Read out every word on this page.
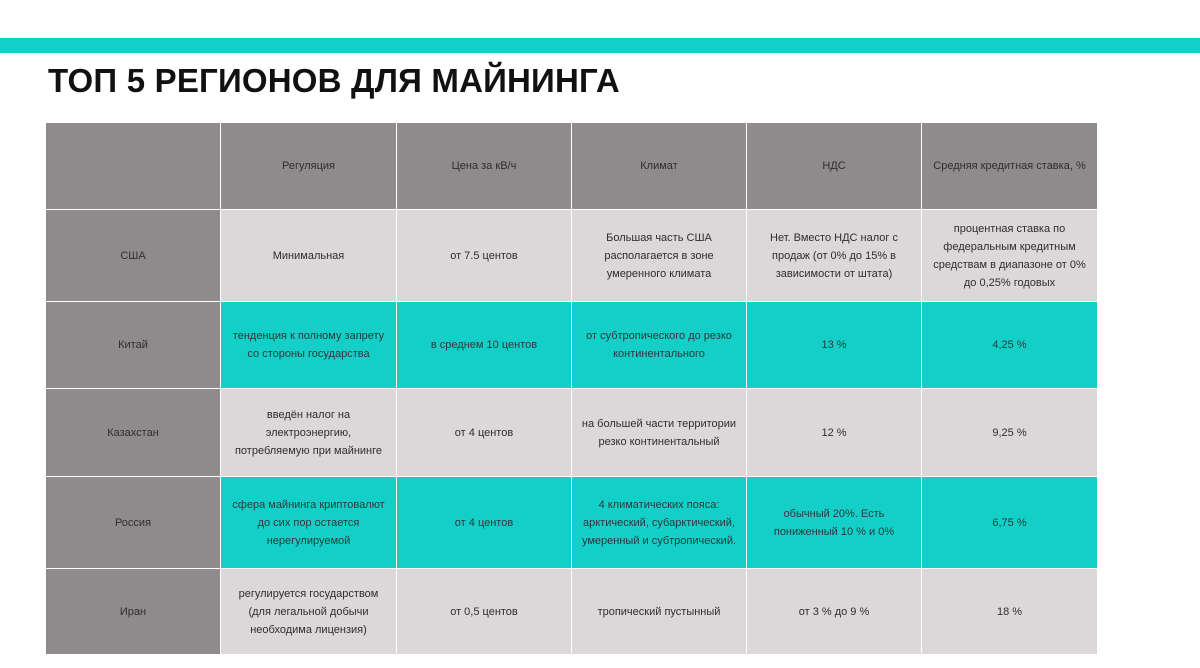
ТОП 5 РЕГИОНОВ ДЛЯ МАЙНИНГА
	Регуляция	Цена за кВ/ч	Климат	НДС	Средняя кредитная ставка, %
США	Минимальная	от 7.5 центов	Большая часть США располагается в зоне умеренного климата	Нет. Вместо НДС налог с продаж (от 0% до 15% в зависимости от штата)	процентная ставка по федеральным кредитным средствам в диапазоне от 0% до 0,25% годовых
Китай	тенденция к полному запрету со стороны государства	в среднем 10 центов	от субтропического до резко континентального	13 %	4,25 %
Казахстан	введён налог на электроэнергию, потребляемую при майнинге	от 4 центов	на большей части территории резко континентальный	12 %	9,25 %
Россия	сфера майнинга криптовалют до сих пор остается нерегулируемой	от 4 центов	4 климатических пояса: арктический, субарктический, умеренный и субтропический.	обычный 20%. Есть пониженный 10 % и 0%	6,75 %
Иран	регулируется государством (для легальной добычи необходима лицензия)	от 0,5 центов	тропический пустынный	от 3 % до 9 %	18 %
